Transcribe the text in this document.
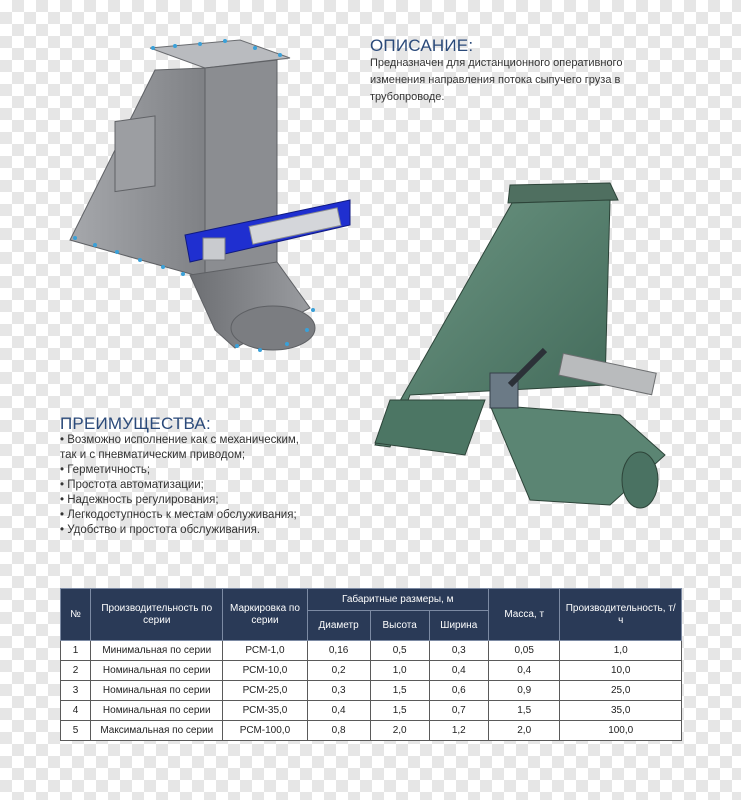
ОПИСАНИЕ:
Предназначен для дистанционного оперативного
изменения направления потока сыпучего груза в
трубопроводе.
ПРЕИМУЩЕСТВА:
• Возможно исполнение как с механическим,
так и с пневматическим приводом;
• Герметичность;
• Простота автоматизации;
• Надежность регулирования;
• Легкодоступность к местам обслуживания;
• Удобство и простота обслуживания.
№	Производительность по серии	Маркировка по серии	Габаритные размеры, м			Масса, т	Производительность, т/ч
			Диаметр	Высота	Ширина		
1	Минимальная по серии	РСМ-1,0	0,16	0,5	0,3	0,05	1,0
2	Номинальная по серии	РСМ-10,0	0,2	1,0	0,4	0,4	10,0
3	Номинальная по серии	РСМ-25,0	0,3	1,5	0,6	0,9	25,0
4	Номинальная по серии	РСМ-35,0	0,4	1,5	0,7	1,5	35,0
5	Максимальная по серии	РСМ-100,0	0,8	2,0	1,2	2,0	100,0
